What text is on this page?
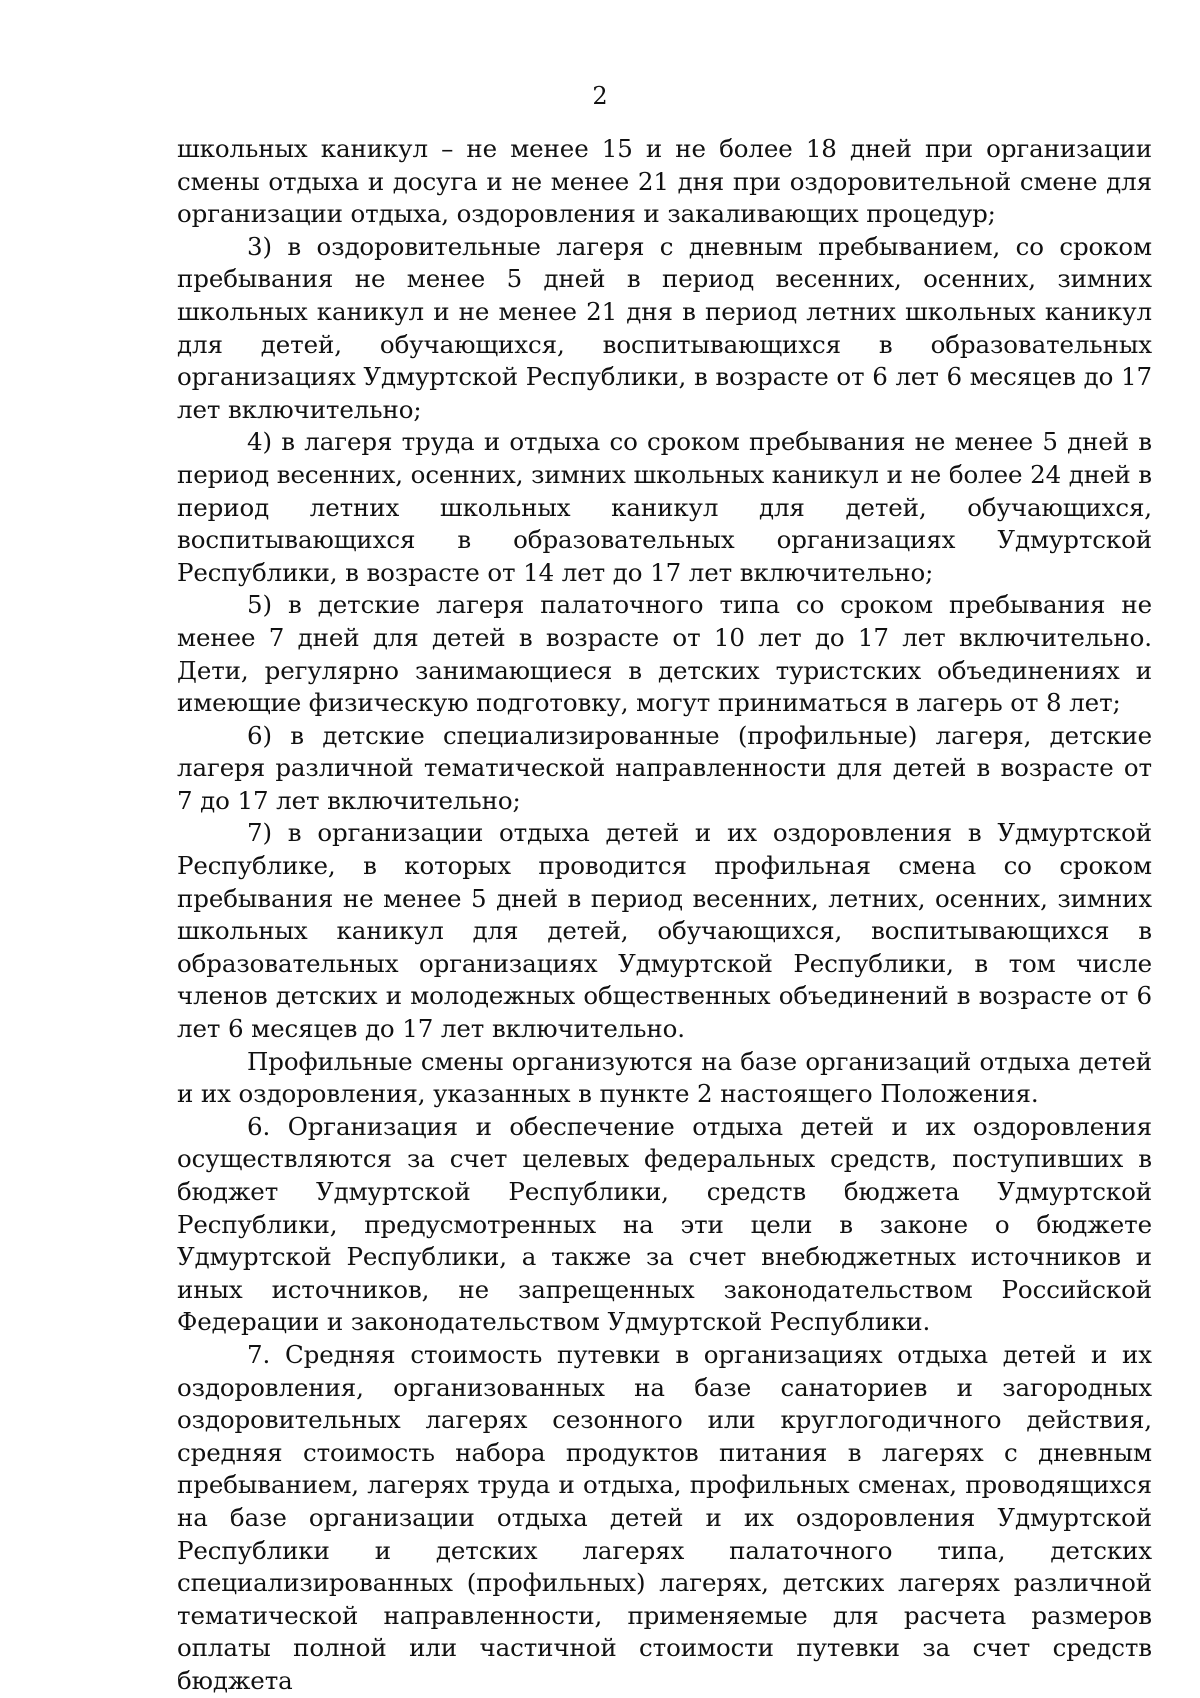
2

школьных каникул – не менее 15 и не более 18 дней при организации смены отдыха и досуга и не менее 21 дня при оздоровительной смене для организации отдыха, оздоровления и закаливающих процедур;

3) в оздоровительные лагеря с дневным пребыванием, со сроком пребывания не менее 5 дней в период весенних, осенних, зимних школьных каникул и не менее 21 дня в период летних школьных каникул для детей, обучающихся, воспитывающихся в образовательных организациях Удмуртской Республики, в возрасте от 6 лет 6 месяцев до 17 лет включительно;

4) в лагеря труда и отдыха со сроком пребывания не менее 5 дней в период весенних, осенних, зимних школьных каникул и не более 24 дней в период летних школьных каникул для детей, обучающихся, воспитывающихся в образовательных организациях Удмуртской Республики, в возрасте от 14 лет до 17 лет включительно;

5) в детские лагеря палаточного типа со сроком пребывания не менее 7 дней для детей в возрасте от 10 лет до 17 лет включительно. Дети, регулярно занимающиеся в детских туристских объединениях и имеющие физическую подготовку, могут приниматься в лагерь от 8 лет;

6) в детские специализированные (профильные) лагеря, детские лагеря различной тематической направленности для детей в возрасте от 7 до 17 лет включительно;

7) в организации отдыха детей и их оздоровления в Удмуртской Республике, в которых проводится профильная смена со сроком пребывания не менее 5 дней в период весенних, летних, осенних, зимних школьных каникул для детей, обучающихся, воспитывающихся в образовательных организациях Удмуртской Республики, в том числе членов детских и молодежных общественных объединений в возрасте от 6 лет 6 месяцев до 17 лет включительно.

Профильные смены организуются на базе организаций отдыха детей и их оздоровления, указанных в пункте 2 настоящего Положения.

6. Организация и обеспечение отдыха детей и их оздоровления осуществляются за счет целевых федеральных средств, поступивших в бюджет Удмуртской Республики, средств бюджета Удмуртской Республики, предусмотренных на эти цели в законе о бюджете Удмуртской Республики, а также за счет внебюджетных источников и иных источников, не запрещенных законодательством Российской Федерации и законодательством Удмуртской Республики.

7. Средняя стоимость путевки в организациях отдыха детей и их оздоровления, организованных на базе санаториев и загородных оздоровительных лагерях сезонного или круглогодичного действия, средняя стоимость набора продуктов питания в лагерях с дневным пребыванием, лагерях труда и отдыха, профильных сменах, проводящихся на базе организации отдыха детей и их оздоровления Удмуртской Республики и детских лагерях палаточного типа, детских специализированных (профильных) лагерях, детских лагерях различной тематической направленности, применяемые для расчета размеров оплаты полной или частичной стоимости путевки за счет средств бюджета
